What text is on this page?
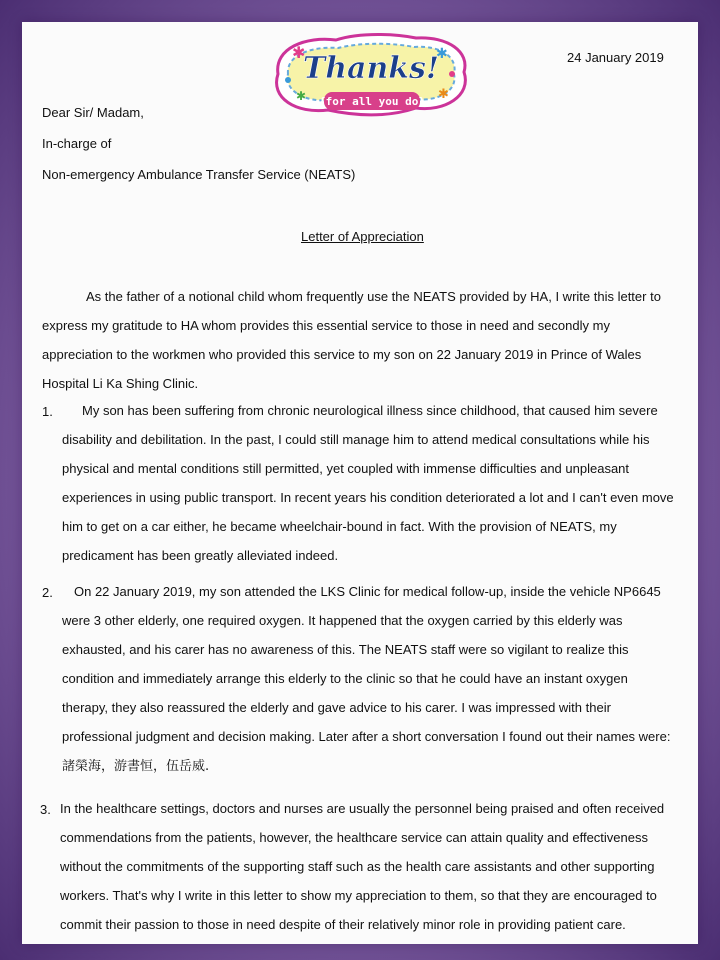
✱	✱
✱
✱
Thanks!
{for all you do}
24 January 2019
Dear Sir/ Madam,
In-charge of
Non-emergency Ambulance Transfer Service (NEATS)
Letter of Appreciation
As the father of a notional child whom frequently use the NEATS provided by HA, I write this letter to express my gratitude to HA whom provides this essential service to those in need and secondly my appreciation to the workmen who provided this service to my son on 22 January 2019 in Prince of Wales Hospital Li Ka Shing Clinic.
1.	My son has been suffering from chronic neurological illness since childhood, that caused him severe disability and debilitation. In the past, I could still manage him to attend medical consultations while his physical and mental conditions still permitted, yet coupled with immense difficulties and unpleasant experiences in using public transport. In recent years his condition deteriorated a lot and I can't even move him to get on a car either, he became wheelchair-bound in fact. With the provision of NEATS, my predicament has been greatly alleviated indeed.
2.	On 22 January 2019, my son attended the LKS Clinic for medical follow-up, inside the vehicle NP6645 were 3 other elderly, one required oxygen. It happened that the oxygen carried by this elderly was exhausted, and his carer has no awareness of this. The NEATS staff were so vigilant to realize this condition and immediately arrange this elderly to the clinic so that he could have an instant oxygen therapy, they also reassured the elderly and gave advice to his carer. I was impressed with their professional judgment and decision making. Later after a short conversation I found out their names were: 諸榮海，游書恒，伍岳威.
3. In the healthcare settings, doctors and nurses are usually the personnel being praised and often received commendations from the patients, however, the healthcare service can attain quality and effectiveness without the commitments of the supporting staff such as the health care assistants and other supporting workers. That's why I write in this letter to show my appreciation to them, so that they are encouraged to commit their passion to those in need despite of their relatively minor role in providing patient care.
